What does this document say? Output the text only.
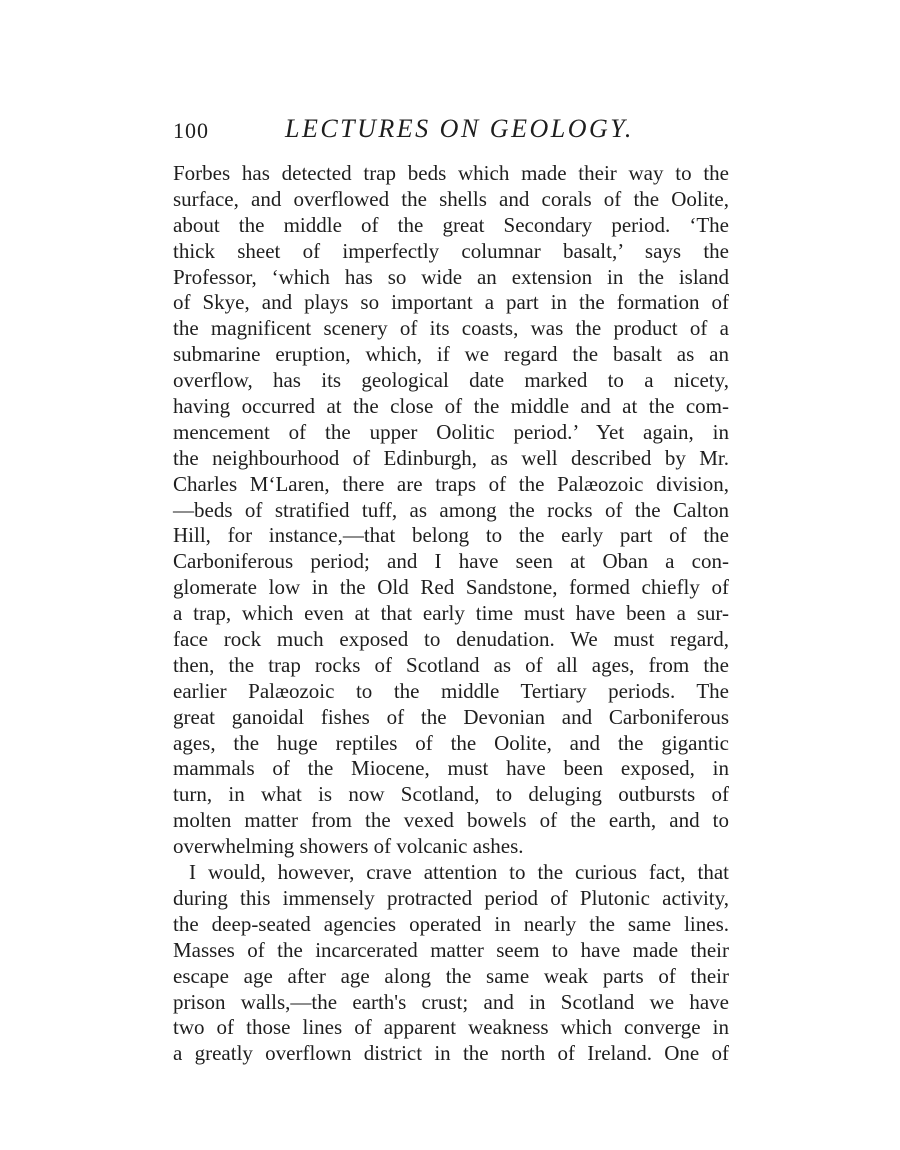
100	LECTURES ON GEOLOGY.
Forbes has detected trap beds which made their way to the
surface, and overflowed the shells and corals of the Oolite,
about the middle of the great Secondary period. ‘The
thick sheet of imperfectly columnar basalt,’ says the
Professor, ‘which has so wide an extension in the island
of Skye, and plays so important a part in the formation of
the magnificent scenery of its coasts, was the product of a
submarine eruption, which, if we regard the basalt as an
overflow, has its geological date marked to a nicety,
having occurred at the close of the middle and at the com-
mencement of the upper Oolitic period.’ Yet again, in
the neighbourhood of Edinburgh, as well described by Mr.
Charles M‘Laren, there are traps of the Palæozoic division,
—beds of stratified tuff, as among the rocks of the Calton
Hill, for instance,—that belong to the early part of the
Carboniferous period; and I have seen at Oban a con-
glomerate low in the Old Red Sandstone, formed chiefly of
a trap, which even at that early time must have been a sur-
face rock much exposed to denudation. We must regard,
then, the trap rocks of Scotland as of all ages, from the
earlier Palæozoic to the middle Tertiary periods. The
great ganoidal fishes of the Devonian and Carboniferous
ages, the huge reptiles of the Oolite, and the gigantic
mammals of the Miocene, must have been exposed, in
turn, in what is now Scotland, to deluging outbursts of
molten matter from the vexed bowels of the earth, and to
overwhelming showers of volcanic ashes.
I would, however, crave attention to the curious fact, that
during this immensely protracted period of Plutonic activity,
the deep-seated agencies operated in nearly the same lines.
Masses of the incarcerated matter seem to have made their
escape age after age along the same weak parts of their
prison walls,—the earth's crust; and in Scotland we have
two of those lines of apparent weakness which converge in
a greatly overflown district in the north of Ireland. One of
